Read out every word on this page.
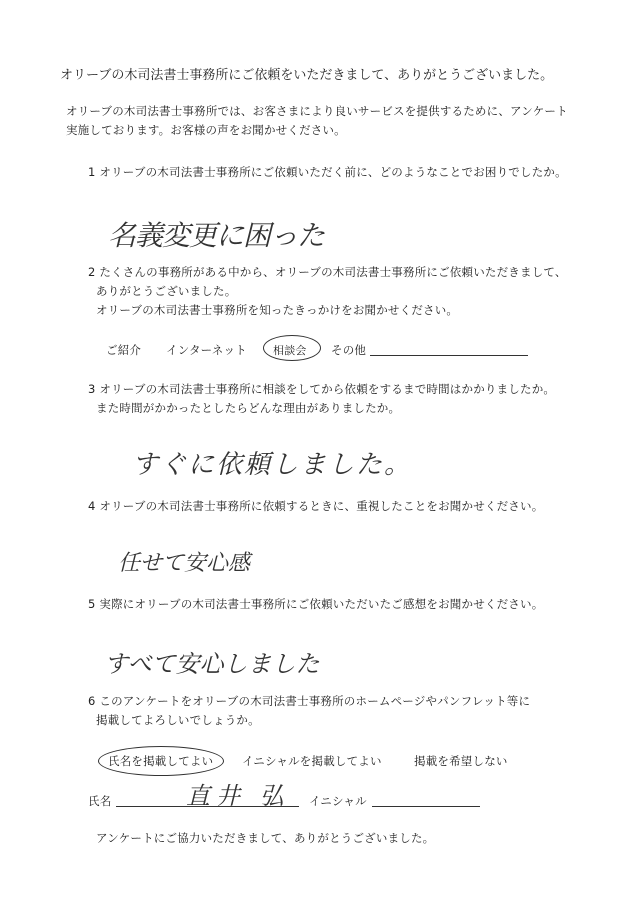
オリーブの木司法書士事務所にご依頼をいただきまして、ありがとうございました。
オリーブの木司法書士事務所では、お客さまにより良いサービスを提供するために、アンケート
実施しております。お客様の声をお聞かせください。
1 オリーブの木司法書士事務所にご依頼いただく前に、どのようなことでお困りでしたか。
名義変更に困った
2 たくさんの事務所がある中から、オリーブの木司法書士事務所にご依頼いただきまして、
ありがとうございました。
オリーブの木司法書士事務所を知ったきっかけをお聞かせください。
ご紹介 インターネット 相談会 その他
3 オリーブの木司法書士事務所に相談をしてから依頼をするまで時間はかかりましたか。
また時間がかかったとしたらどんな理由がありましたか。
すぐに依頼しました。
4 オリーブの木司法書士事務所に依頼するときに、重視したことをお聞かせください。
任せて安心感
5 実際にオリーブの木司法書士事務所にご依頼いただいたご感想をお聞かせください。
すべて安心しました
6 このアンケートをオリーブの木司法書士事務所のホームページやパンフレット等に
掲載してよろしいでしょうか。
氏名を掲載してよい イニシャルを掲載してよい	掲載を希望しない
氏名	直井 弘 イニシャル
アンケートにご協力いただきまして、ありがとうございました。
